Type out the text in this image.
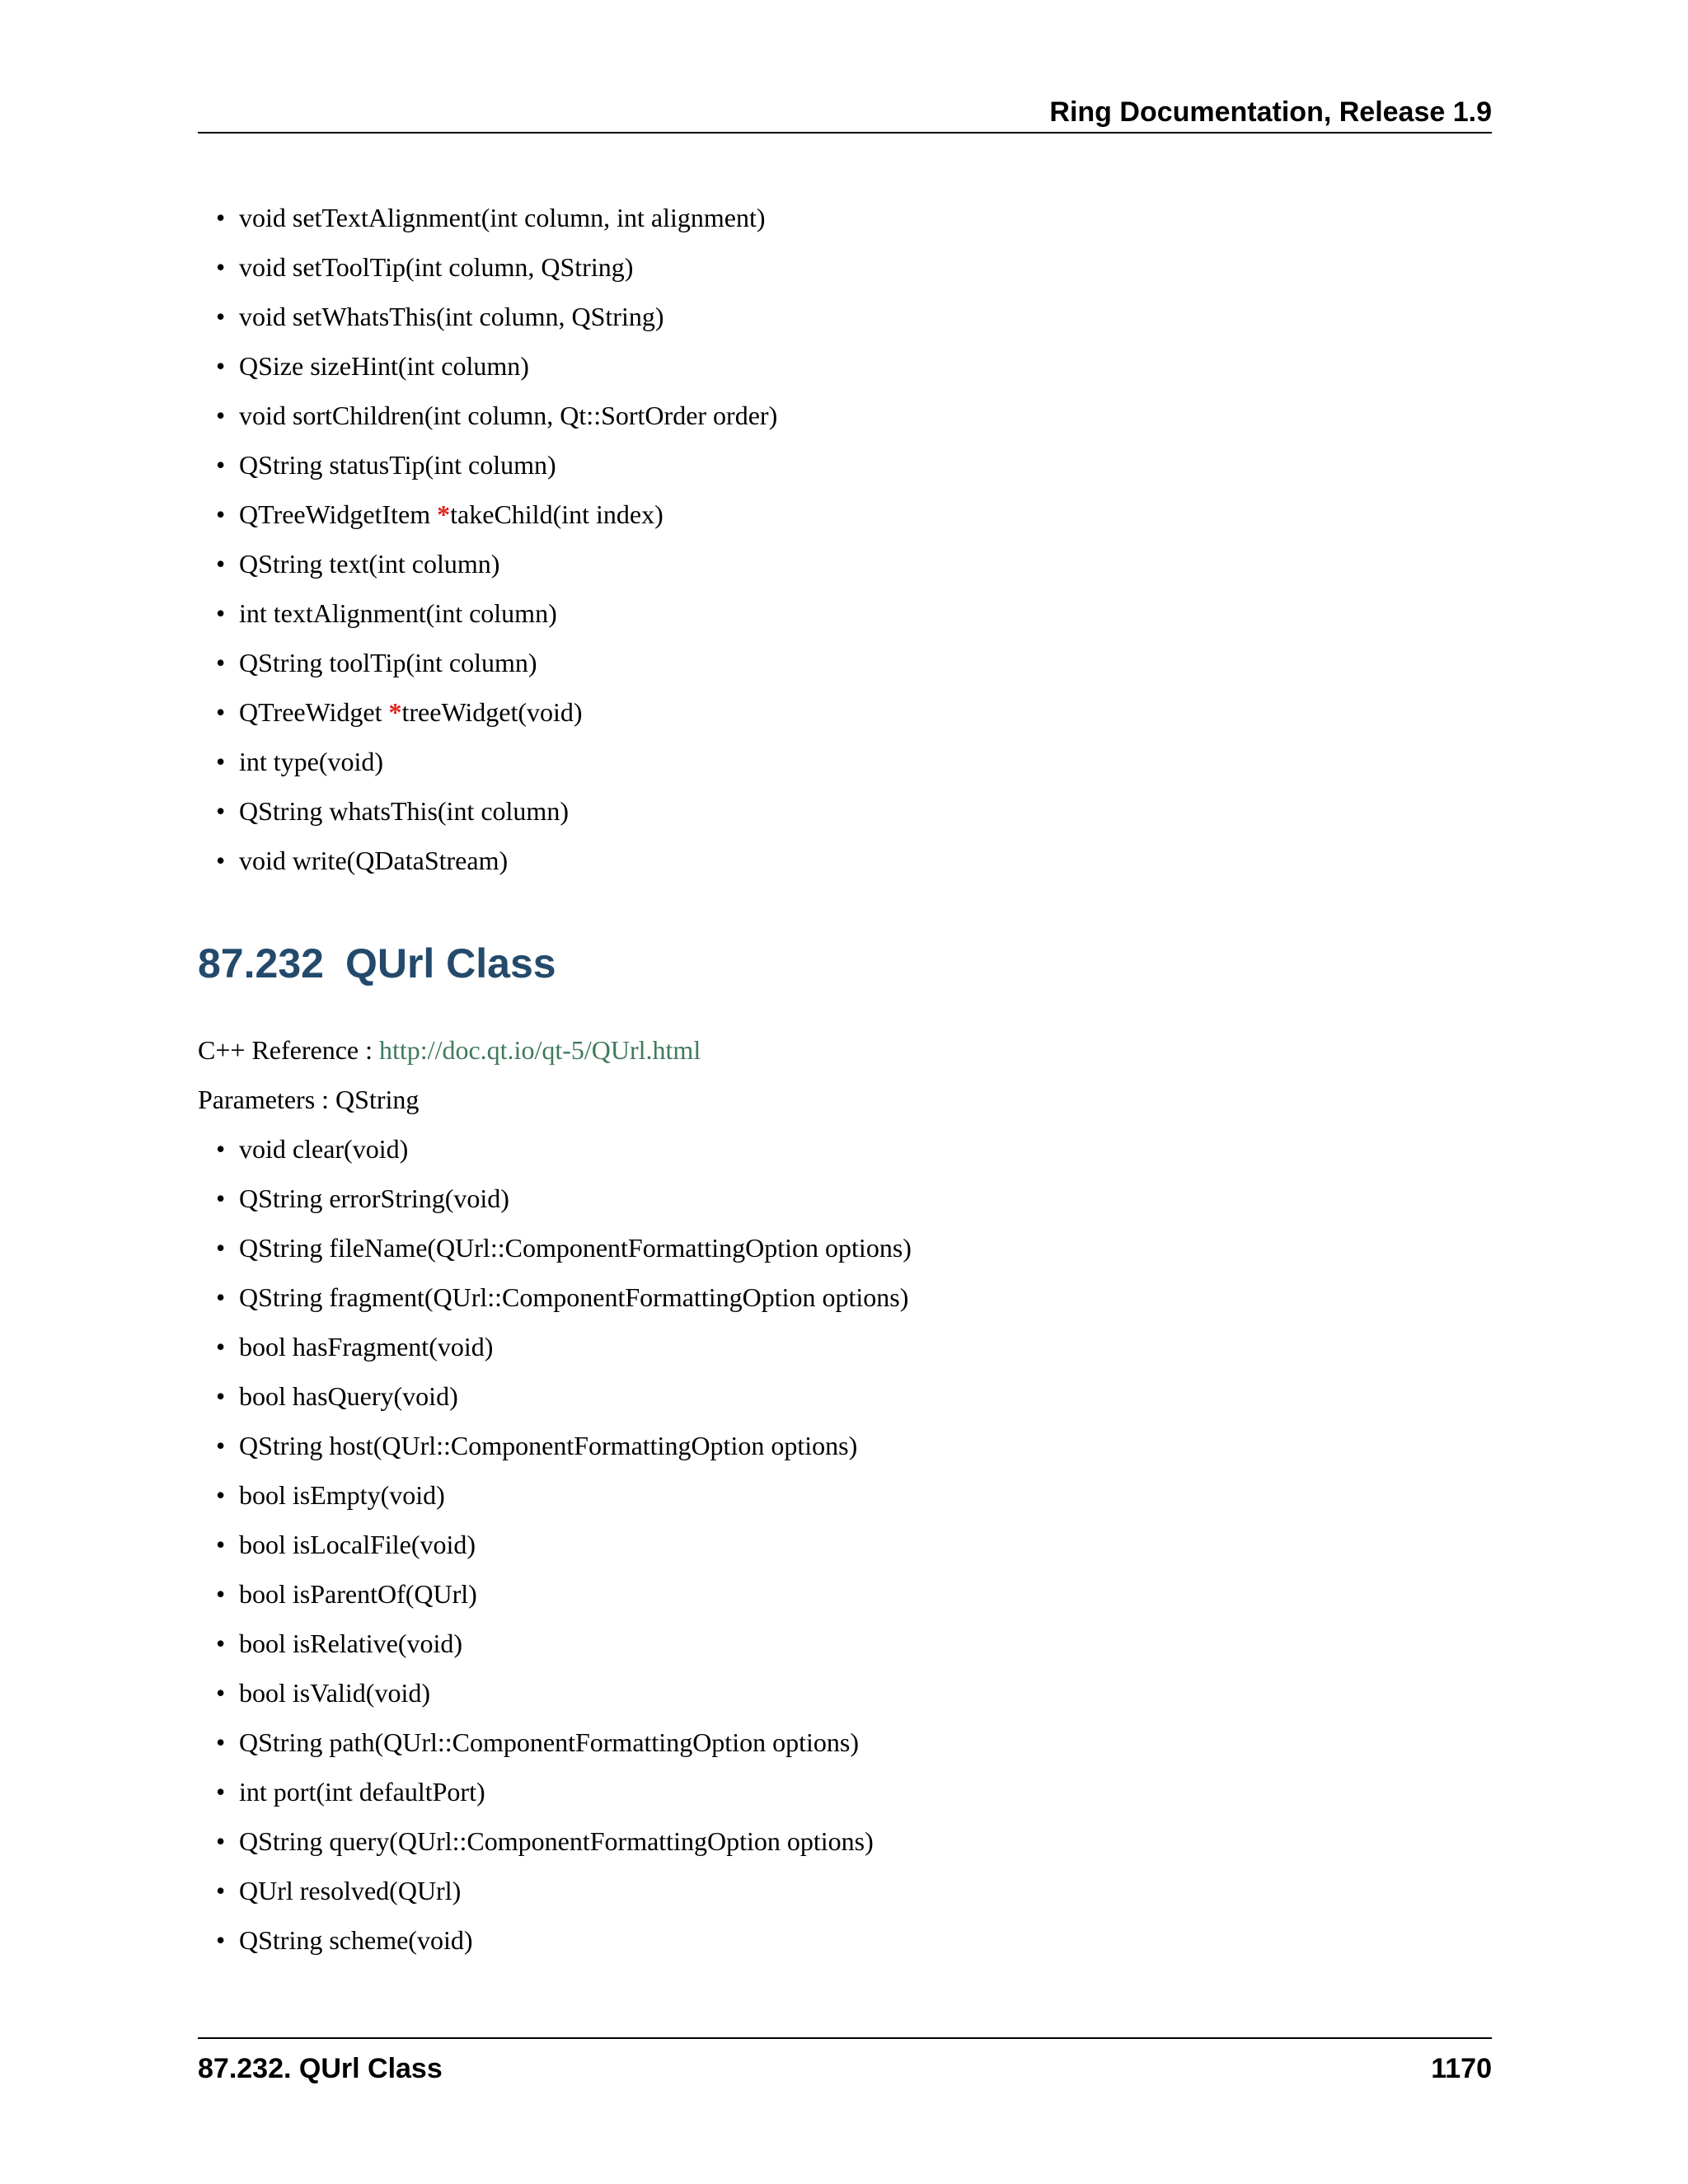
Ring Documentation, Release 1.9
• void setTextAlignment(int column, int alignment)
• void setToolTip(int column, QString)
• void setWhatsThis(int column, QString)
• QSize sizeHint(int column)
• void sortChildren(int column, Qt::SortOrder order)
• QString statusTip(int column)
• QTreeWidgetItem *takeChild(int index)
• QString text(int column)
• int textAlignment(int column)
• QString toolTip(int column)
• QTreeWidget *treeWidget(void)
• int type(void)
• QString whatsThis(int column)
• void write(QDataStream)
87.232 QUrl Class
C++ Reference : http://doc.qt.io/qt-5/QUrl.html
Parameters : QString
• void clear(void)
• QString errorString(void)
• QString fileName(QUrl::ComponentFormattingOption options)
• QString fragment(QUrl::ComponentFormattingOption options)
• bool hasFragment(void)
• bool hasQuery(void)
• QString host(QUrl::ComponentFormattingOption options)
• bool isEmpty(void)
• bool isLocalFile(void)
• bool isParentOf(QUrl)
• bool isRelative(void)
• bool isValid(void)
• QString path(QUrl::ComponentFormattingOption options)
• int port(int defaultPort)
• QString query(QUrl::ComponentFormattingOption options)
• QUrl resolved(QUrl)
• QString scheme(void)
87.232. QUrl Class	1170
